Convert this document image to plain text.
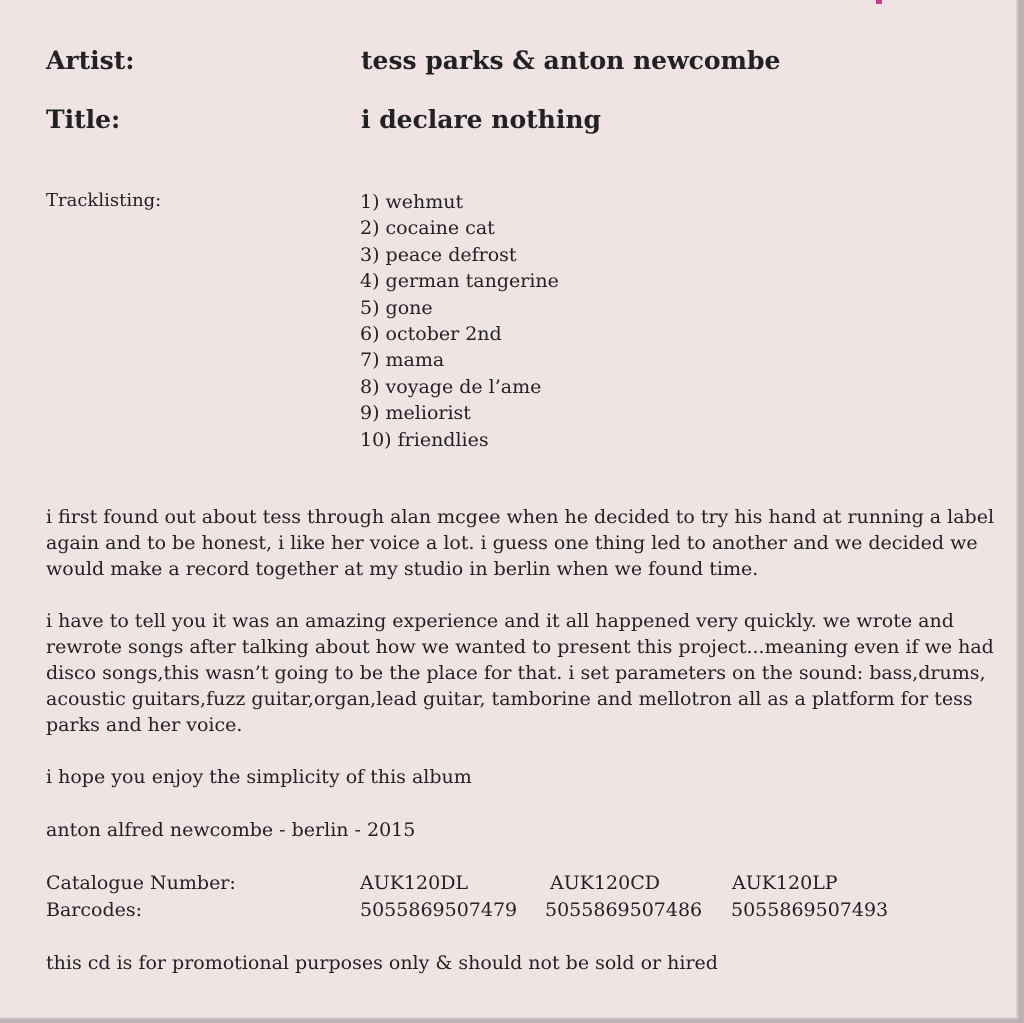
Artist:	tess parks & anton newcombe
Title:	i declare nothing
Tracklisting:	1) wehmut
2) cocaine cat
3) peace defrost
4) german tangerine
5) gone
6) october 2nd
7) mama
8) voyage de l’ame
9) meliorist
10) friendlies

i first found out about tess through alan mcgee when he decided to try his hand at running a label again and to be honest, i like her voice a lot. i guess one thing led to another and we decided we would make a record together at my studio in berlin when we found time.

i have to tell you it was an amazing experience and it all happened very quickly. we wrote and rewrote songs after talking about how we wanted to present this project...meaning even if we had disco songs,this wasn’t going to be the place for that. i set parameters on the sound: bass,drums, acoustic guitars,fuzz guitar,organ,lead guitar, tamborine and mellotron all as a platform for tess parks and her voice.

i hope you enjoy the simplicity of this album

anton alfred newcombe - berlin - 2015

Catalogue Number:	AUK120DL	AUK120CD	AUK120LP
Barcodes:	5055869507479 5055869507486 5055869507493

this cd is for promotional purposes only & should not be sold or hired
